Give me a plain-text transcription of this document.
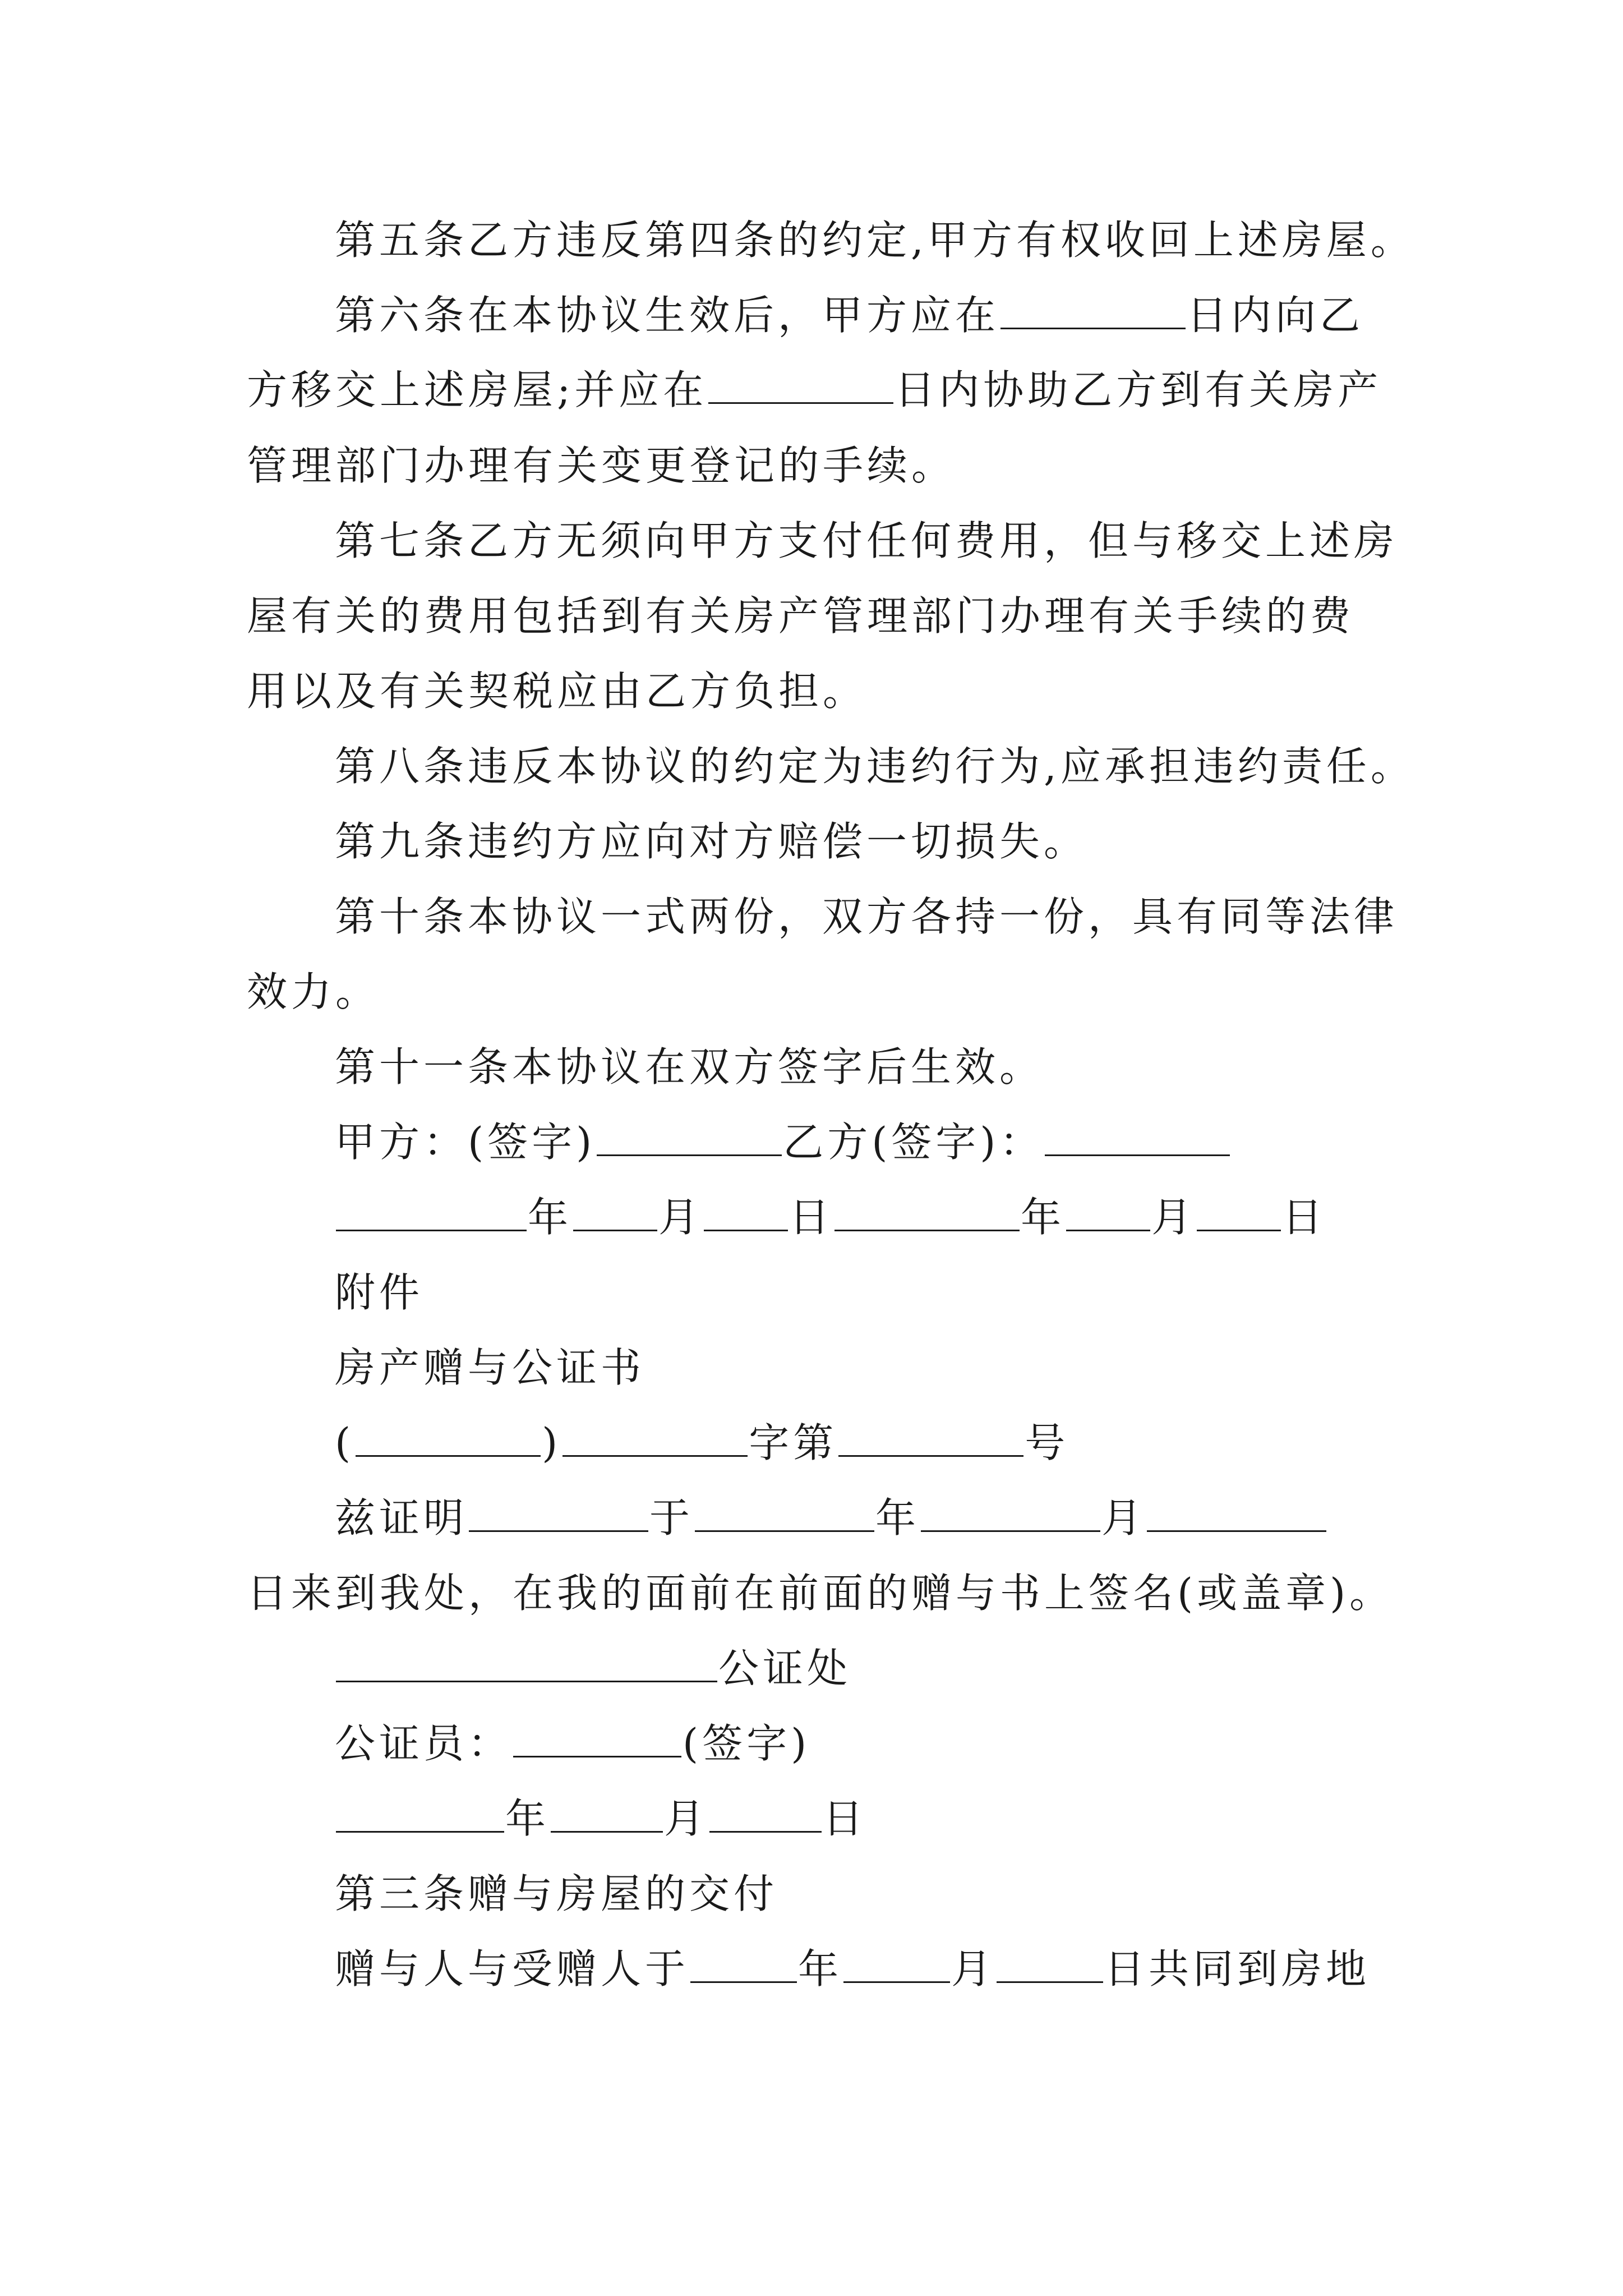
第五条乙方违反第四条的约定,甲方有权收回上述房屋。
第六条在本协议生效后，甲方应在	日内向乙
方移交上述房屋;并应在	日内协助乙方到有关房产
管理部门办理有关变更登记的手续。
第七条乙方无须向甲方支付任何费用，但与移交上述房
屋有关的费用包括到有关房产管理部门办理有关手续的费
用以及有关契税应由乙方负担。
第八条违反本协议的约定为违约行为,应承担违约责任。
第九条违约方应向对方赔偿一切损失。
第十条本协议一式两份，双方各持一份，具有同等法律
效力。
第十一条本协议在双方签字后生效。
甲方：(签字)	乙方(签字)：
年 月 日	年 月 日
附件
房产赠与公证书
(	)	字第	号
兹证明	于	年	月
日来到我处，在我的面前在前面的赠与书上签名(或盖章)。
公证处
公证员：	(签字)
年	月	日
第三条赠与房屋的交付
赠与人与受赠人于	年	月	日共同到房地
